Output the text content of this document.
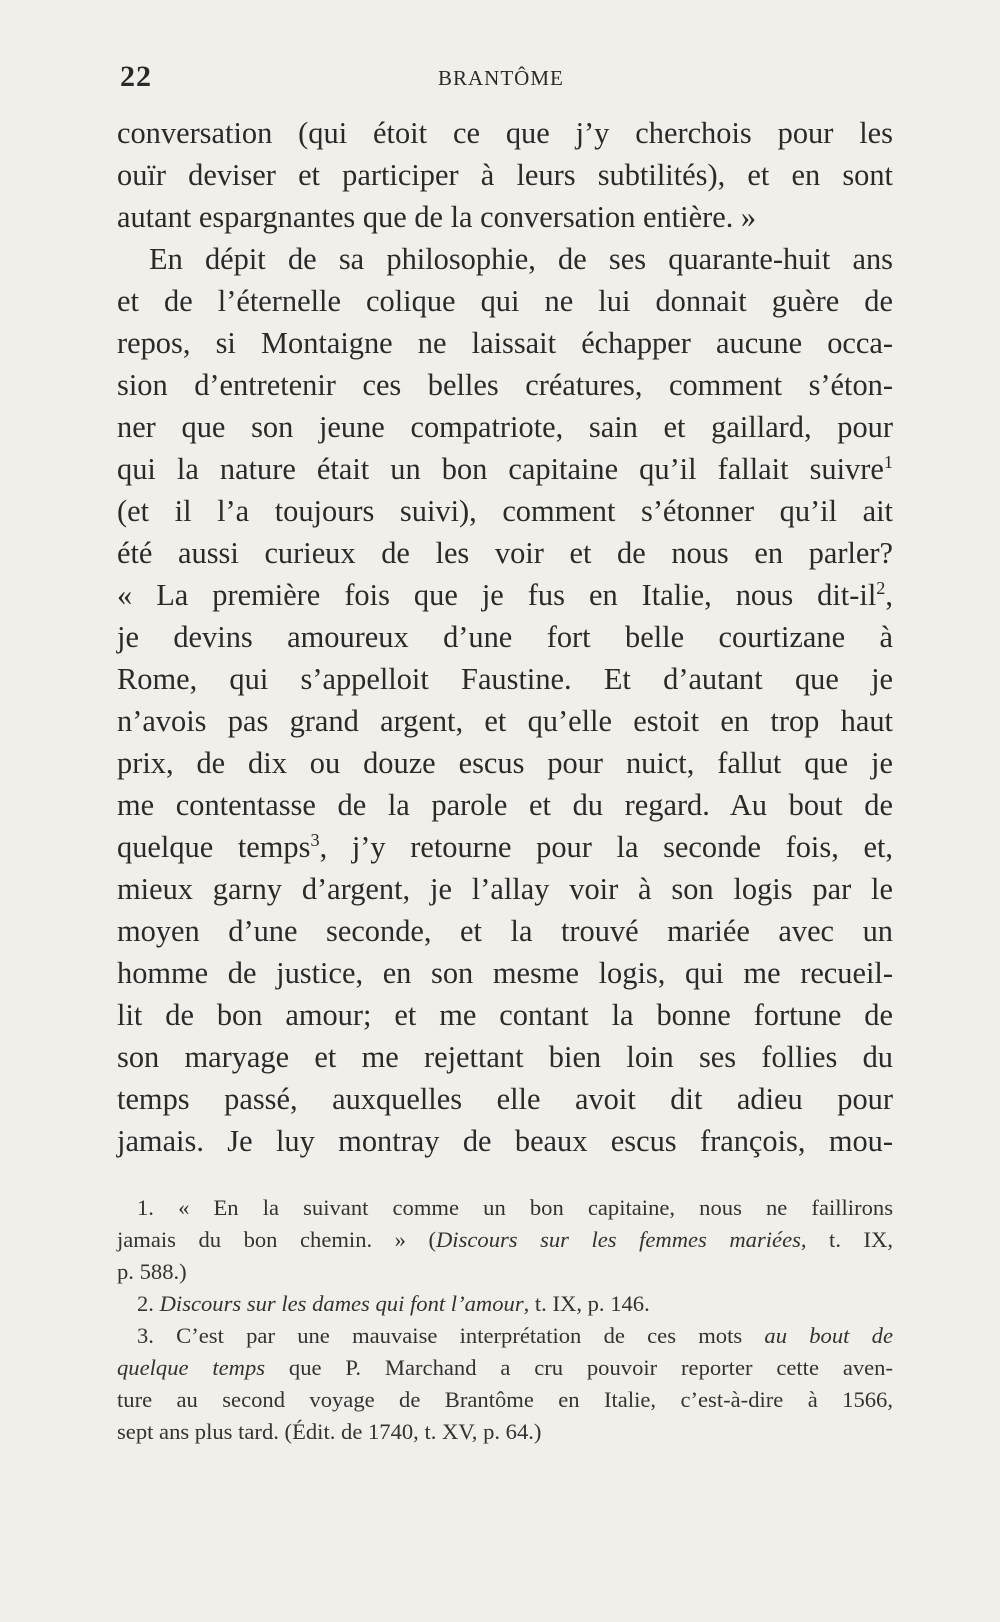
22	BRANTÔME
conversation (qui étoit ce que j’y cherchois pour les
ouïr deviser et participer à leurs subtilités), et en sont
autant espargnantes que de la conversation entière. »
En dépit de sa philosophie, de ses quarante-huit ans
et de l’éternelle colique qui ne lui donnait guère de
repos, si Montaigne ne laissait échapper aucune occa-
sion d’entretenir ces belles créatures, comment s’éton-
ner que son jeune compatriote, sain et gaillard, pour
qui la nature était un bon capitaine qu’il fallait suivre$^1$
(et il l’a toujours suivi), comment s’étonner qu’il ait
été aussi curieux de les voir et de nous en parler?
« La première fois que je fus en Italie, nous dit-$il^2$,
je devins amoureux d’une fort belle courtizane à
Rome, qui s’appelloit Faustine. Et d’autant que je
n’avois pas grand argent, et qu’elle estoit en trop haut
prix, de dix ou douze escus pour nuict, fallut que je
me contentasse de la parole et du regard. Au bout de
quelque temps$^3$, j’y retourne pour la seconde fois, et,
mieux garny d’argent, je l’allay voir à son logis par le
moyen d’une seconde, et la trouvé mariée avec un
homme de justice, en son mesme logis, qui me recueil-
lit de bon amour; et me contant la bonne fortune de
son maryage et me rejettant bien loin ses follies du
temps passé, auxquelles elle avoit dit adieu pour
jamais. Je luy montray de beaux escus françois, mou-
1. « En la suivant comme un bon capitaine, nous ne faillirons
jamais du bon chemin. » (Discours sur les femmes mariées, t. IX,
p. 588.)
2. Discours sur les dames qui font l’amour, t. IX, p. 146.
3. C’est par une mauvaise interprétation de ces mots au bout de
quelque temps que P. Marchand a cru pouvoir reporter cette aven-
ture au second voyage de Brantôme en Italie, c’est-à-dire à 1566,
sept ans plus tard. (Édit. de 1740, t. XV, p. 64.)
